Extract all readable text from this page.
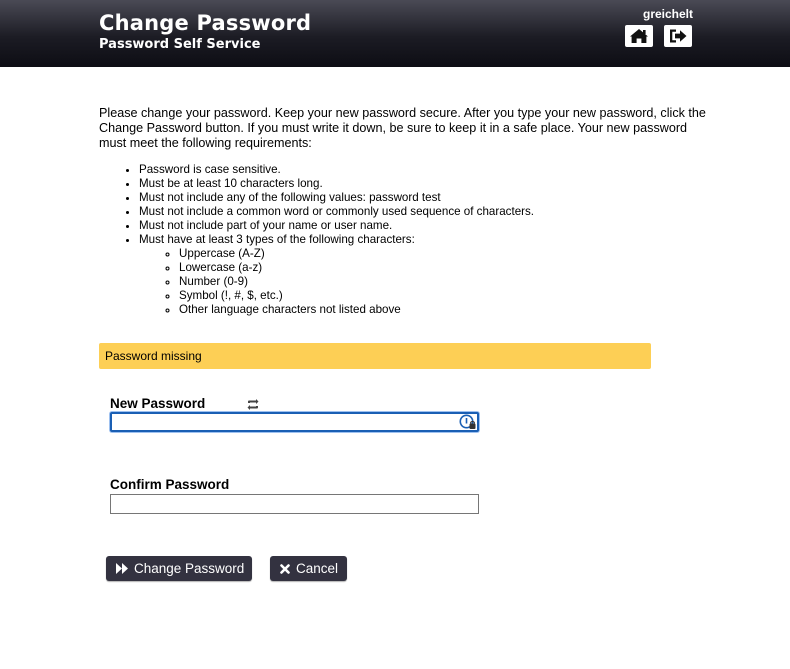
Change Password
Password Self Service
greichelt

Please change your password. Keep your new password secure. After you type your new password, click the Change Password button. If you must write it down, be sure to keep it in a safe place. Your new password must meet the following requirements:

• Password is case sensitive.
• Must be at least 10 characters long.
• Must not include any of the following values: password test
• Must not include a common word or commonly used sequence of characters.
• Must not include part of your name or user name.
• Must have at least 3 types of the following characters:
◦ Uppercase (A-Z)
◦ Lowercase (a-z)
◦ Number (0-9)
◦ Symbol (!, #, $, etc.)
◦ Other language characters not listed above
Password missing
New Password
Confirm Password
Change Password	Cancel
